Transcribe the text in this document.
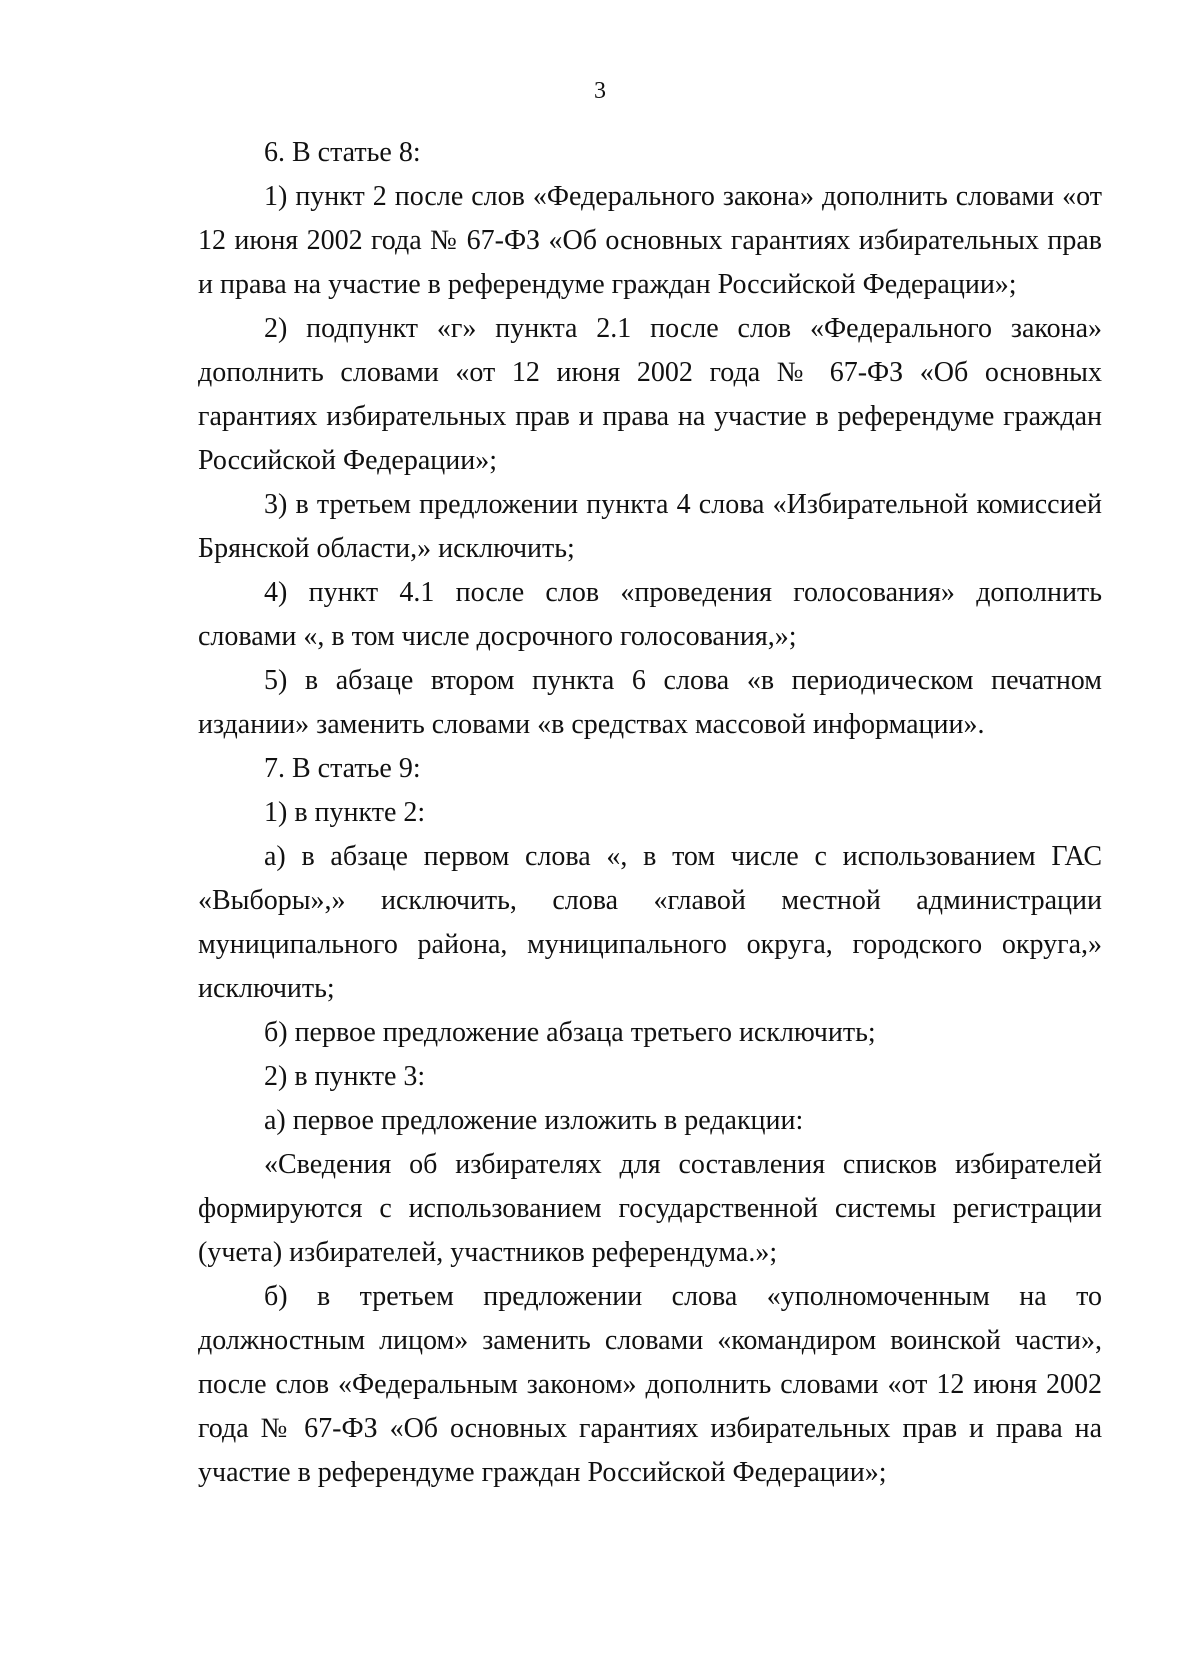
3

6. В статье 8:

1) пункт 2 после слов «Федерального закона» дополнить словами «от 12 июня 2002 года № 67-ФЗ «Об основных гарантиях избирательных прав и права на участие в референдуме граждан Российской Федерации»;

2) подпункт «г» пункта 2.1 после слов «Федерального закона» дополнить словами «от 12 июня 2002 года № 67-ФЗ «Об основных гарантиях избирательных прав и права на участие в референдуме граждан Российской Федерации»;

3) в третьем предложении пункта 4 слова «Избирательной комиссией Брянской области,» исключить;

4) пункт 4.1 после слов «проведения голосования» дополнить словами «, в том числе досрочного голосования,»;

5) в абзаце втором пункта 6 слова «в периодическом печатном издании» заменить словами «в средствах массовой информации».

7. В статье 9:

1) в пункте 2:

а) в абзаце первом слова «, в том числе с использованием ГАС «Выборы»,» исключить, слова «главой местной администрации муниципального района, муниципального округа, городского округа,» исключить;

б) первое предложение абзаца третьего исключить;

2) в пункте 3:

а) первое предложение изложить в редакции:

«Сведения об избирателях для составления списков избирателей формируются с использованием государственной системы регистрации (учета) избирателей, участников референдума.»;

б) в третьем предложении слова «уполномоченным на то должностным лицом» заменить словами «командиром воинской части», после слов «Федеральным законом» дополнить словами «от 12 июня 2002 года № 67-ФЗ «Об основных гарантиях избирательных прав и права на участие в референдуме граждан Российской Федерации»;
